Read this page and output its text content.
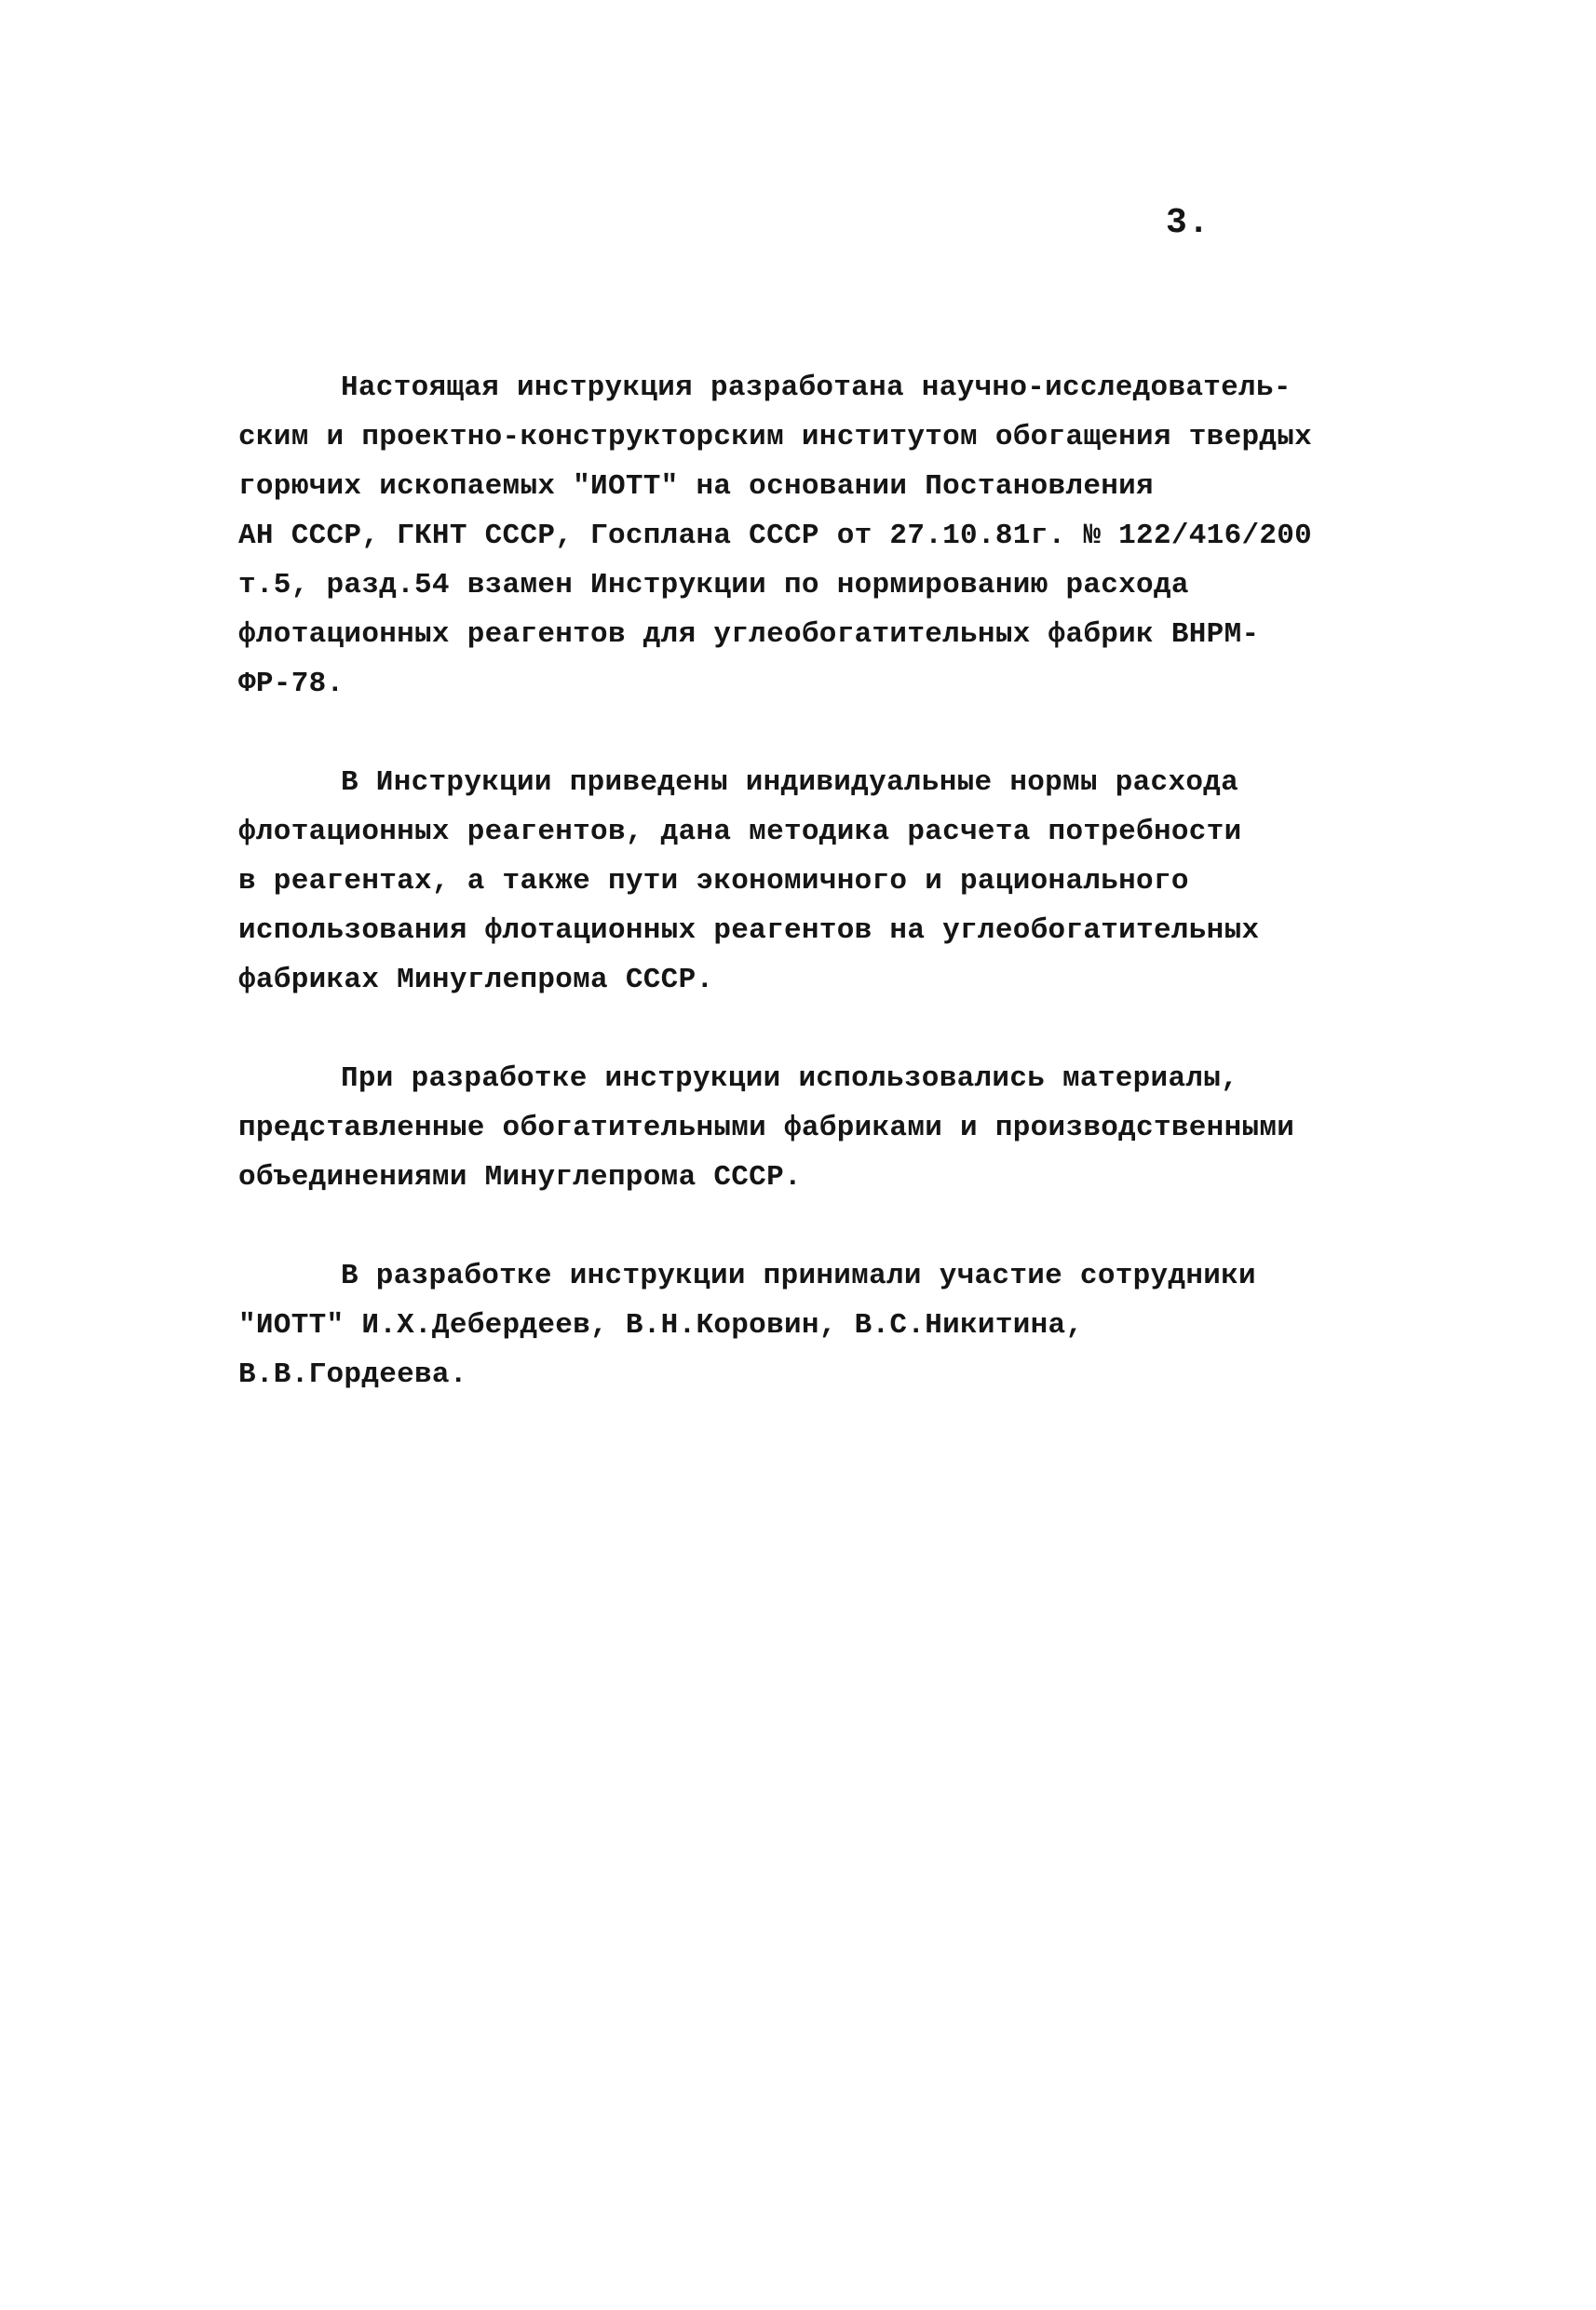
3.

Настоящая инструкция разработана научно-исследователь-
ским и проектно-конструкторским институтом обогащения твердых
горючих ископаемых "ИОТТ" на основании Постановления
АН СССР, ГКНТ СССР, Госплана СССР от 27.10.81г. № 122/416/200
т.5, разд.54 взамен Инструкции по нормированию расхода
флотационных реагентов для углеобогатительных фабрик ВНРМ-
ФР-78.

В Инструкции приведены индивидуальные нормы расхода
флотационных реагентов, дана методика расчета потребности
в реагентах, а также пути экономичного и рационального
использования флотационных реагентов на углеобогатительных
фабриках Минуглепрома СССР.

При разработке инструкции использовались материалы,
представленные обогатительными фабриками и производственными
объединениями Минуглепрома СССР.

В разработке инструкции принимали участие сотрудники
"ИОТТ" И.Х.Дебердеев, В.Н.Коровин, В.С.Никитина,
В.В.Гордеева.
